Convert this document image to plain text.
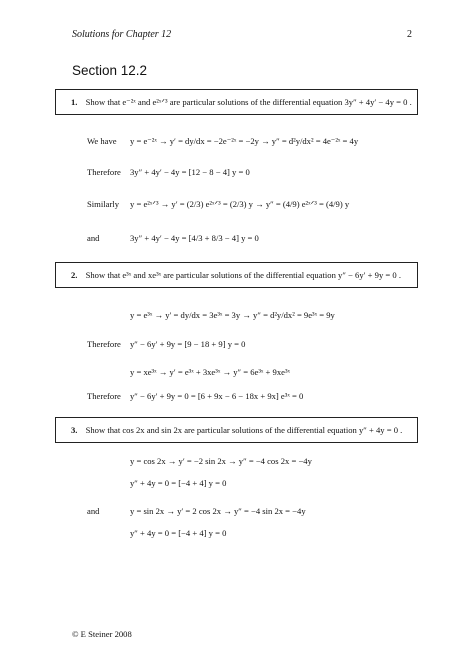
Solutions for Chapter 12	2
Section 12.2
1. Show that e⁻²ˣ and e²ˣᐟ³ are particular solutions of the differential equation 3y″ + 4y′ − 4y = 0 .
We have y = e⁻²ˣ → y′ = dy/dx = −2e⁻²ˣ = −2y → y″ = d²y/dx² = 4e⁻²ˣ = 4y
Therefore 3y″ + 4y′ − 4y = [12 − 8 − 4] y = 0
Similarly y = e²ˣᐟ³ → y′ = (2/3) e²ˣᐟ³ = (2/3) y → y″ = (4/9) e²ˣᐟ³ = (4/9) y
and	3y″ + 4y′ − 4y = [4/3 + 8/3 − 4] y = 0
2. Show that e³ˣ and xe³ˣ are particular solutions of the differential equation y″ − 6y′ + 9y = 0 .
y = e³ˣ → y′ = dy/dx = 3e³ˣ = 3y → y″ = d²y/dx² = 9e³ˣ = 9y
Therefore y″ − 6y′ + 9y = [9 − 18 + 9] y = 0
y = xe³ˣ → y′ = e³ˣ + 3xe³ˣ → y″ = 6e³ˣ + 9xe³ˣ
Therefore y″ − 6y′ + 9y = 0 = [6 + 9x − 6 − 18x + 9x] e³ˣ = 0
3. Show that cos 2x and sin 2x are particular solutions of the differential equation y″ + 4y = 0 .
y = cos 2x → y′ = −2 sin 2x → y″ = −4 cos 2x = −4y
y″ + 4y = 0 = [−4 + 4] y = 0
and	y = sin 2x → y′ = 2 cos 2x → y″ = −4 sin 2x = −4y
y″ + 4y = 0 = [−4 + 4] y = 0
© E Steiner 2008
